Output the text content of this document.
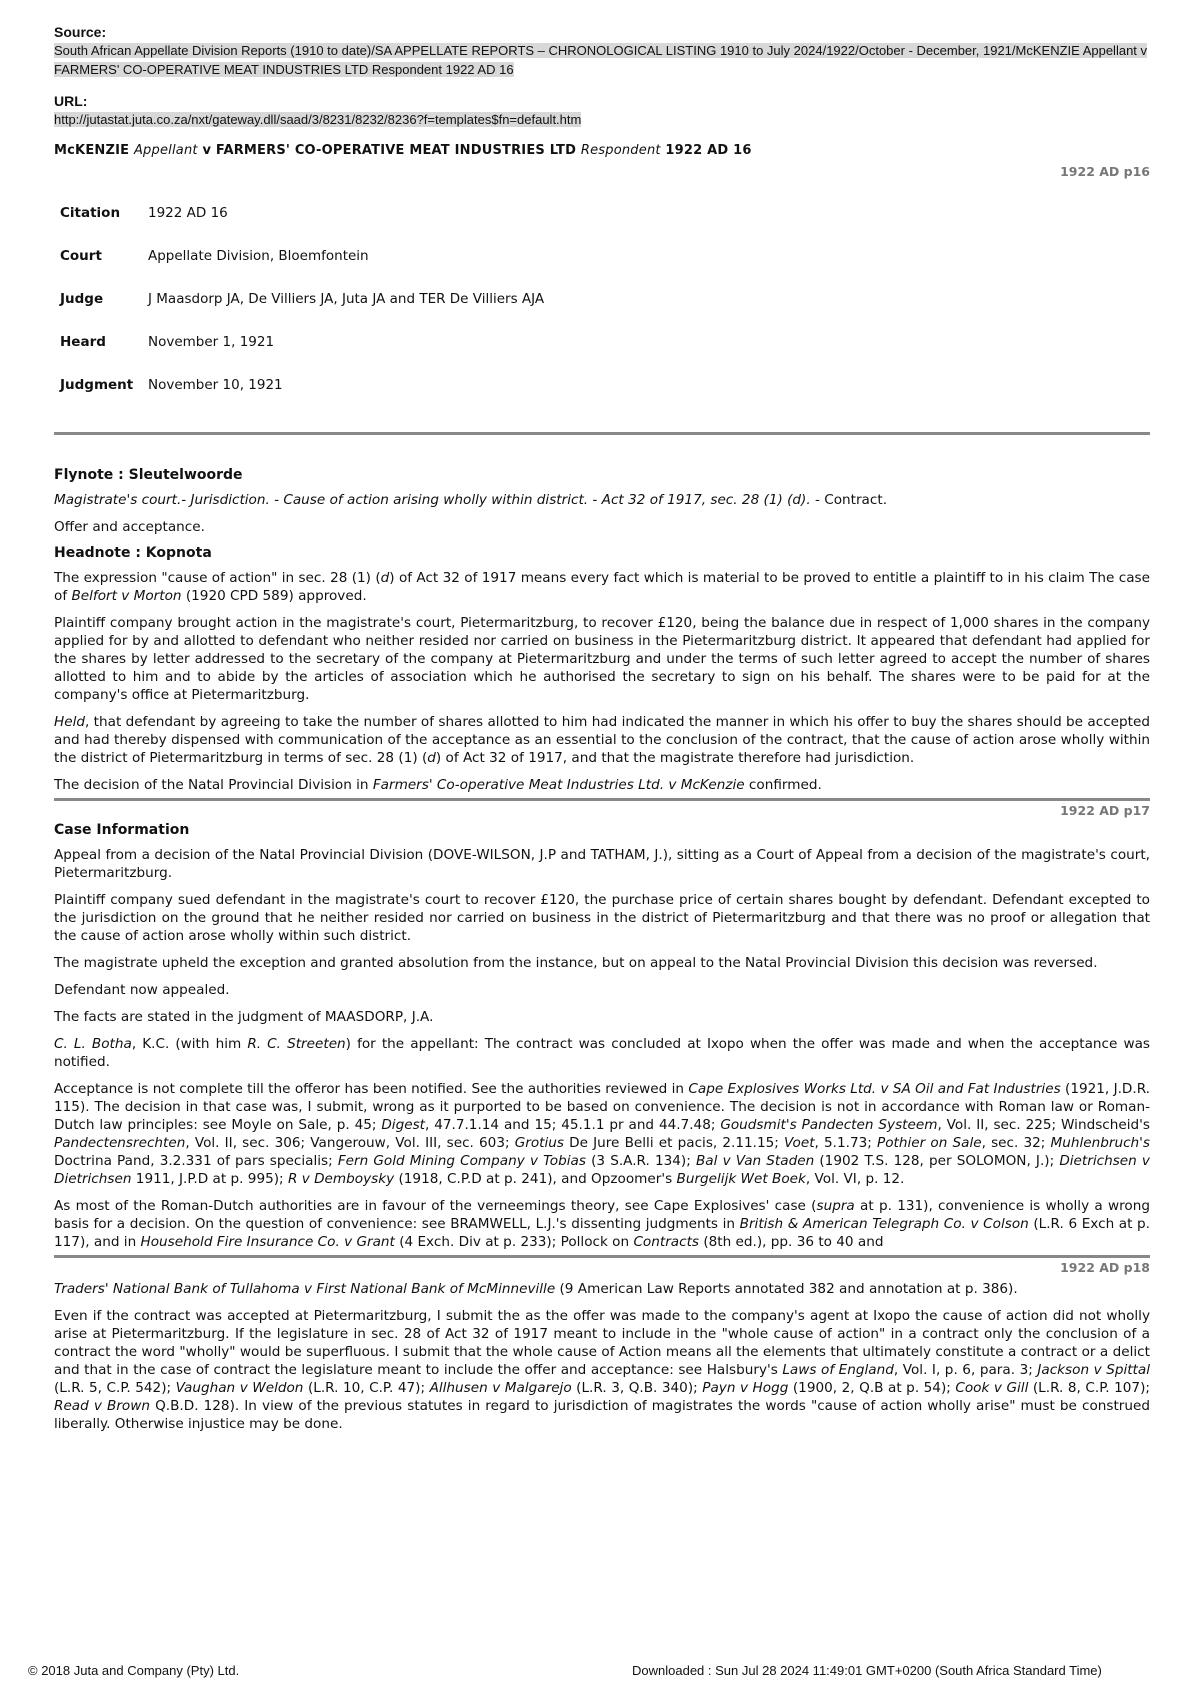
Source:
South African Appellate Division Reports (1910 to date)/SA APPELLATE REPORTS – CHRONOLOGICAL LISTING 1910 to July 2024/1922/October - December, 1921/McKENZIE Appellant v FARMERS' CO-OPERATIVE MEAT INDUSTRIES LTD Respondent 1922 AD 16
URL:
http://jutastat.juta.co.za/nxt/gateway.dll/saad/3/8231/8232/8236?f=templates$fn=default.htm
McKENZIE Appellant v FARMERS' CO-OPERATIVE MEAT INDUSTRIES LTD Respondent 1922 AD 16
1922 AD p16
Citation	1922 AD 16
Court	Appellate Division, Bloemfontein
Judge	J Maasdorp JA, De Villiers JA, Juta JA and TER De Villiers AJA
Heard	November 1, 1921
Judgment	November 10, 1921
Flynote : Sleutelwoorde

Magistrate's court.- Jurisdiction. - Cause of action arising wholly within district. - Act 32 of 1917, sec. 28 (1) (d). - Contract.

Offer and acceptance.

Headnote : Kopnota

The expression "cause of action" in sec. 28 (1) (d) of Act 32 of 1917 means every fact which is material to be proved to entitle a plaintiff to in his claim The case of Belfort v Morton (1920 CPD 589) approved.

Plaintiff company brought action in the magistrate's court, Pietermaritzburg, to recover £120, being the balance due in respect of 1,000 shares in the company applied for by and allotted to defendant who neither resided nor carried on business in the Pietermaritzburg district. It appeared that defendant had applied for the shares by letter addressed to the secretary of the company at Pietermaritzburg and under the terms of such letter agreed to accept the number of shares allotted to him and to abide by the articles of association which he authorised the secretary to sign on his behalf. The shares were to be paid for at the company's office at Pietermaritzburg.

Held, that defendant by agreeing to take the number of shares allotted to him had indicated the manner in which his offer to buy the shares should be accepted and had thereby dispensed with communication of the acceptance as an essential to the conclusion of the contract, that the cause of action arose wholly within the district of Pietermaritzburg in terms of sec. 28 (1) (d) of Act 32 of 1917, and that the magistrate therefore had jurisdiction.

The decision of the Natal Provincial Division in Farmers' Co-operative Meat Industries Ltd. v McKenzie confirmed.

1922 AD p17
Case Information

Appeal from a decision of the Natal Provincial Division (DOVE-WILSON, J.P and TATHAM, J.), sitting as a Court of Appeal from a decision of the magistrate's court, Pietermaritzburg.

Plaintiff company sued defendant in the magistrate's court to recover £120, the purchase price of certain shares bought by defendant. Defendant excepted to the jurisdiction on the ground that he neither resided nor carried on business in the district of Pietermaritzburg and that there was no proof or allegation that the cause of action arose wholly within such district.

The magistrate upheld the exception and granted absolution from the instance, but on appeal to the Natal Provincial Division this decision was reversed.

Defendant now appealed.

The facts are stated in the judgment of MAASDORP, J.A.

C. L. Botha, K.C. (with him R. C. Streeten) for the appellant: The contract was concluded at Ixopo when the offer was made and when the acceptance was notified.

Acceptance is not complete till the offeror has been notified. See the authorities reviewed in Cape Explosives Works Ltd. v SA Oil and Fat Industries (1921, J.D.R. 115). The decision in that case was, I submit, wrong as it purported to be based on convenience. The decision is not in accordance with Roman law or Roman-Dutch law principles: see Moyle on Sale, p. 45; Digest, 47.7.1.14 and 15; 45.1.1 pr and 44.7.48; Goudsmit's Pandecten Systeem, Vol. II, sec. 225; Windscheid's Pandectensrechten, Vol. II, sec. 306; Vangerouw, Vol. III, sec. 603; Grotius De Jure Belli et pacis, 2.11.15; Voet, 5.1.73; Pothier on Sale, sec. 32; Muhlenbruch's Doctrina Pand, 3.2.331 of pars specialis; Fern Gold Mining Company v Tobias (3 S.A.R. 134); Bal v Van Staden (1902 T.S. 128, per SOLOMON, J.); Dietrichsen v Dietrichsen 1911, J.P.D at p. 995); R v Demboysky (1918, C.P.D at p. 241), and Opzoomer's Burgelijk Wet Boek, Vol. VI, p. 12.

As most of the Roman-Dutch authorities are in favour of the verneemings theory, see Cape Explosives' case (supra at p. 131), convenience is wholly a wrong basis for a decision. On the question of convenience: see BRAMWELL, L.J.'s dissenting judgments in British & American Telegraph Co. v Colson (L.R. 6 Exch at p. 117), and in Household Fire Insurance Co. v Grant (4 Exch. Div at p. 233); Pollock on Contracts (8th ed.), pp. 36 to 40 and

1922 AD p18

Traders' National Bank of Tullahoma v First National Bank of McMinneville (9 American Law Reports annotated 382 and annotation at p. 386).

Even if the contract was accepted at Pietermaritzburg, I submit the as the offer was made to the company's agent at Ixopo the cause of action did not wholly arise at Pietermaritzburg. If the legislature in sec. 28 of Act 32 of 1917 meant to include in the "whole cause of action" in a contract only the conclusion of a contract the word "wholly" would be superfluous. I submit that the whole cause of Action means all the elements that ultimately constitute a contract or a delict and that in the case of contract the legislature meant to include the offer and acceptance: see Halsbury's Laws of England, Vol. I, p. 6, para. 3; Jackson v Spittal (L.R. 5, C.P. 542); Vaughan v Weldon (L.R. 10, C.P. 47); Allhusen v Malgarejo (L.R. 3, Q.B. 340); Payn v Hogg (1900, 2, Q.B at p. 54); Cook v Gill (L.R. 8, C.P. 107); Read v Brown Q.B.D. 128). In view of the previous statutes in regard to jurisdiction of magistrates the words "cause of action wholly arise" must be construed liberally. Otherwise injustice may be done.

© 2018 Juta and Company (Pty) Ltd.	Downloaded : Sun Jul 28 2024 11:49:01 GMT+0200 (South Africa Standard Time)
